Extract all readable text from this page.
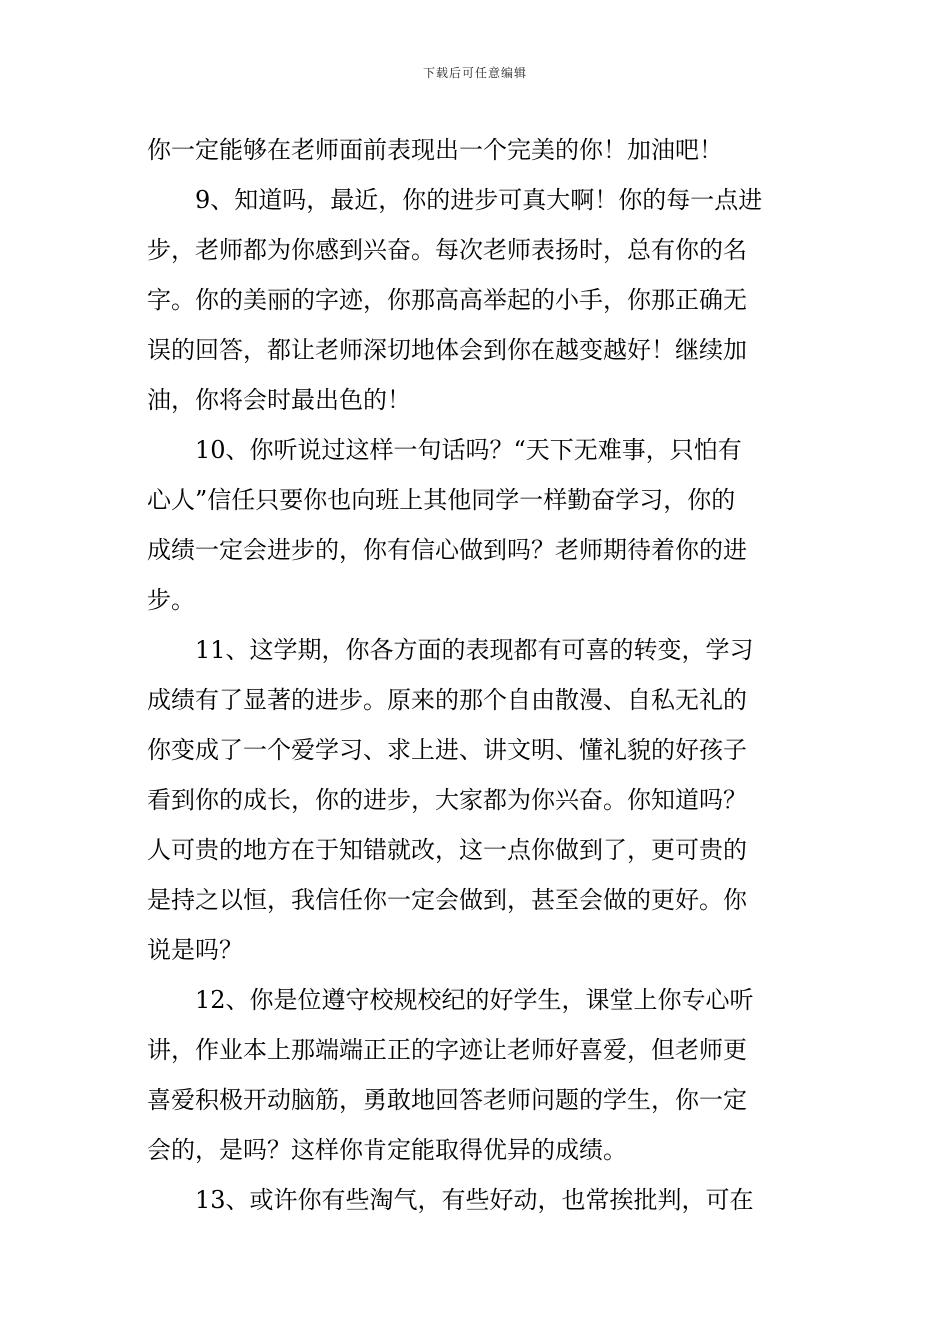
下载后可任意编辑
你一定能够在老师面前表现出一个完美的你！加油吧！
9、知道吗，最近，你的进步可真大啊！你的每一点进
步，老师都为你感到兴奋。每次老师表扬时，总有你的名
字。你的美丽的字迹，你那高高举起的小手，你那正确无
误的回答，都让老师深切地体会到你在越变越好！继续加
油，你将会时最出色的！
10、你听说过这样一句话吗？“天下无难事，只怕有
心人”信任只要你也向班上其他同学一样勤奋学习，你的
成绩一定会进步的，你有信心做到吗？老师期待着你的进
步。
11、这学期，你各方面的表现都有可喜的转变，学习
成绩有了显著的进步。原来的那个自由散漫、自私无礼的
你变成了一个爱学习、求上进、讲文明、懂礼貌的好孩子
看到你的成长，你的进步，大家都为你兴奋。你知道吗？
人可贵的地方在于知错就改，这一点你做到了，更可贵的
是持之以恒，我信任你一定会做到，甚至会做的更好。你
说是吗？
12、你是位遵守校规校纪的好学生，课堂上你专心听
讲，作业本上那端端正正的字迹让老师好喜爱，但老师更
喜爱积极开动脑筋，勇敢地回答老师问题的学生，你一定
会的，是吗？这样你肯定能取得优异的成绩。
13、或许你有些淘气，有些好动，也常挨批判，可在
